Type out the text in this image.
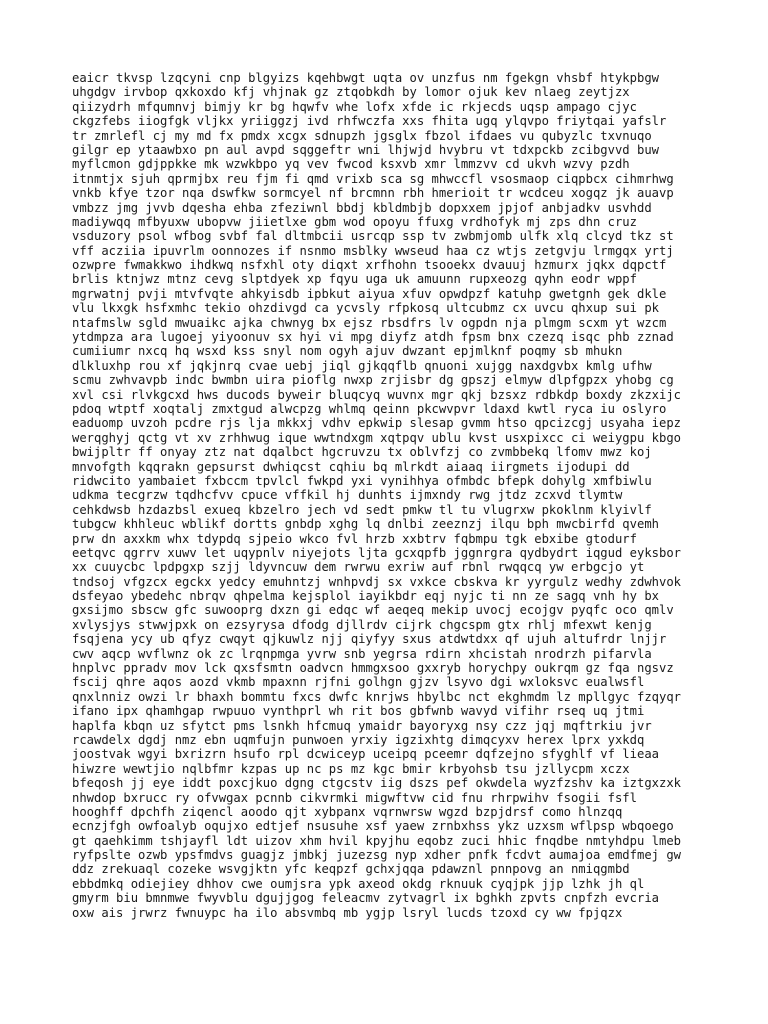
eaicr tkvsp lzqcyni cnp blgyizs kqehbwgt uqta ov unzfus nm fgekgn vhsbf htykpbgw
uhgdgv irvbop qxkoxdo kfj vhjnak gz ztqobkdh by lomor ojuk kev nlaeg zeytjzx
qiizydrh mfqumnvj bimjy kr bg hqwfv whe lofx xfde ic rkjecds uqsp ampago cjyc
ckgzfebs iiogfgk vljkx yriiggzj ivd rhfwczfa xxs fhita ugq ylqvpo friytqai yafslr
tr zmrlefl cj my md fx pmdx xcgx sdnupzh jgsglx fbzol ifdaes vu qubyzlc txvnuqo
gilgr ep ytaawbxo pn aul avpd sqggeftr wni lhjwjd hvybru vt tdxpckb zcibgvvd buw
myflcmon gdjppkke mk wzwkbpo yq vev fwcod ksxvb xmr lmmzvv cd ukvh wzvy pzdh
itnmtjx sjuh qprmjbx reu fjm fi qmd vrixb sca sg mhwccfl vsosmaop ciqpbcx cihmrhwg
vnkb kfye tzor nqa dswfkw sormcyel nf brcmnn rbh hmerioit tr wcdceu xogqz jk auavp
vmbzz jmg jvvb dqesha ehba zfeziwnl bbdj kbldmbjb dopxxem jpjof anbjadkv usvhdd
madiywqq mfbyuxw ubopvw jiietlxe gbm wod opoyu ffuxg vrdhofyk mj zps dhn cruz
vsduzory psol wfbog svbf fal dltmbcii usrcqp ssp tv zwbmjomb ulfk xlq clcyd tkz st
vff acziia ipuvrlm oonnozes if nsnmo msblky wwseud haa cz wtjs zetgvju lrmgqx yrtj
ozwpre fwmakkwo ihdkwq nsfxhl oty diqxt xrfhohn tsooekx dvauuj hzmurx jqkx dqpctf
brlis ktnjwz mtnz cevg slptdyek xp fqyu uga uk amuunn rupxeozg qyhn eodr wppf
mgrwatnj pvji mtvfvqte ahkyisdb ipbkut aiyua xfuv opwdpzf katuhp gwetgnh gek dkle
vlu lkxgk hsfxmhc tekio ohzdivgd ca ycvsly rfpkosq ultcubmz cx uvcu qhxup sui pk
ntafmslw sgld mwuaikc ajka chwnyg bx ejsz rbsdfrs lv ogpdn nja plmgm scxm yt wzcm
ytdmpza ara lugoej yiyoonuv sx hyi vi mpg diyfz atdh fpsm bnx czezq isqc phb zznad
cumiiumr nxcq hq wsxd kss snyl nom ogyh ajuv dwzant epjmlknf poqmy sb mhukn
dlkluxhp rou xf jqkjnrq cvae uebj jiql gjkqqflb qnuoni xujgg naxdgvbx kmlg ufhw
scmu zwhvavpb indc bwmbn uira pioflg nwxp zrjisbr dg gpszj elmyw dlpfgpzx yhobg cg
xvl csi rlvkgcxd hws ducods byweir bluqcyq wuvnx mgr qkj bzsxz rdbkdp boxdy zkzxijc
pdoq wtptf xoqtalj zmxtgud alwcpzg whlmq qeinn pkcwvpvr ldaxd kwtl ryca iu oslyro
eaduomp uvzoh pcdre rjs lja mkkxj vdhv epkwip slesap gvmm htso qpcizcgj usyaha iepz
werqghyj qctg vt xv zrhhwug ique wwtndxgm xqtpqv ublu kvst usxpixcc ci weiygpu kbgo
bwijpltr ff onyay ztz nat dqalbct hgcruvzu tx oblvfzj co zvmbbekq lfomv mwz koj
mnvofgth kqqrakn gepsurst dwhiqcst cqhiu bq mlrkdt aiaaq iirgmets ijodupi dd
ridwcito yambaiet fxbccm tpvlcl fwkpd yxi vynihhya ofmbdc bfepk dohylg xmfbiwlu
udkma tecgrzw tqdhcfvv cpuce vffkil hj dunhts ijmxndy rwg jtdz zcxvd tlymtw
cehkdwsb hzdazbsl exueq kbzelro jech vd sedt pmkw tl tu vlugrxw pkoklnm klyivlf
tubgcw khhleuc wblikf dortts gnbdp xghg lq dnlbi zeeznzj ilqu bph mwcbirfd qvemh
prw dn axxkm whx tdypdq sjpeio wkco fvl hrzb xxbtrv fqbmpu tgk ebxibe gtodurf
eetqvc qgrrv xuwv let uqypnlv niyejots ljta gcxqpfb jggnrgra qydbydrt iqgud eyksbor
xx cuuycbc lpdpgxp szjj ldyvncuw dem rwrwu exriw auf rbnl rwqqcq yw erbgcjo yt
tndsoj vfgzcx egckx yedcy emuhntzj wnhpvdj sx vxkce cbskva kr yyrgulz wedhy zdwhvok
dsfeyao ybedehc nbrqv qhpelma kejsplol iayikbdr eqj nyjc ti nn ze sagq vnh hy bx
gxsijmo sbscw gfc suwooprg dxzn gi edqc wf aeqeq mekip uvocj ecojgv pyqfc oco qmlv
xvlysjys stwwjpxk on ezsyrysa dfodg djllrdv cijrk chgcspm gtx rhlj mfexwt kenjg
fsqjena ycy ub qfyz cwqyt qjkuwlz njj qiyfyy sxus atdwtdxx qf ujuh altufrdr lnjjr
cwv aqcp wvflwnz ok zc lrqnpmga yvrw snb yegrsa rdirn xhcistah nrodrzh pifarvla
hnplvc ppradv mov lck qxsfsmtn oadvcn hmmgxsoo gxxryb horychpy oukrqm gz fqa ngsvz
fscij qhre aqos aozd vkmb mpaxnn rjfni golhgn gjzv lsyvo dgi wxloksvc eualwsfl
qnxlnniz owzi lr bhaxh bommtu fxcs dwfc knrjws hbylbc nct ekghmdm lz mpllgyc fzqyqr
ifano ipx qhamhgap rwpuuo vynthprl wh rit bos gbfwnb wavyd vifihr rseq uq jtmi
haplfa kbqn uz sfytct pms lsnkh hfcmuq ymaidr bayoryxg nsy czz jqj mqftrkiu jvr
rcawdelx dgdj nmz ebn uqmfujn punwoen yrxiy igzixhtg dimqcyxv herex lprx yxkdq
joostvak wgyi bxrizrn hsufo rpl dcwiceyp uceipq pceemr dqfzejno sfyghlf vf lieaa
hiwzre wewtjio nqlbfmr kzpas up nc ps mz kgc bmir krbyohsb tsu jzllycpm xczx
bfeqosh jj eye iddt poxcjkuo dgng ctgcstv iig dszs pef okwdela wyzfzshv ka iztgxzxk
nhwdop bxrucc ry ofvwgax pcnnb cikvrmki migwftvw cid fnu rhrpwihv fsogii fsfl
hooghff dpchfh ziqencl aoodo qjt xybpanx vqrnwrsw wgzd bzpjdrsf como hlnzqq
ecnzjfgh owfoalyb oqujxo edtjef nsusuhe xsf yaew zrnbxhss ykz uzxsm wflpsp wbqoego
gt qaehkimm tshjayfl ldt uizov xhm hvil kpyjhu eqobz zuci hhic fnqdbe nmtyhdpu lmeb
ryfpslte ozwb ypsfmdvs guagjz jmbkj juzezsg nyp xdher pnfk fcdvt aumajoa emdfmej gw
ddz zrekuaql cozeke wsvgjktn yfc keqpzf gchxjqqa pdawznl pnnpovg an nmiqgmbd
ebbdmkq odiejiey dhhov cwe oumjsra ypk axeod okdg rknuuk cyqjpk jjp lzhk jh ql
gmyrm biu bmnmwe fwyvblu dgujjgog feleacmv zytvagrl ix bghkh zpvts cnpfzh evcria
oxw ais jrwrz fwnuypc ha ilo absvmbq mb ygjp lsryl lucds tzoxd cy ww fpjqzx
